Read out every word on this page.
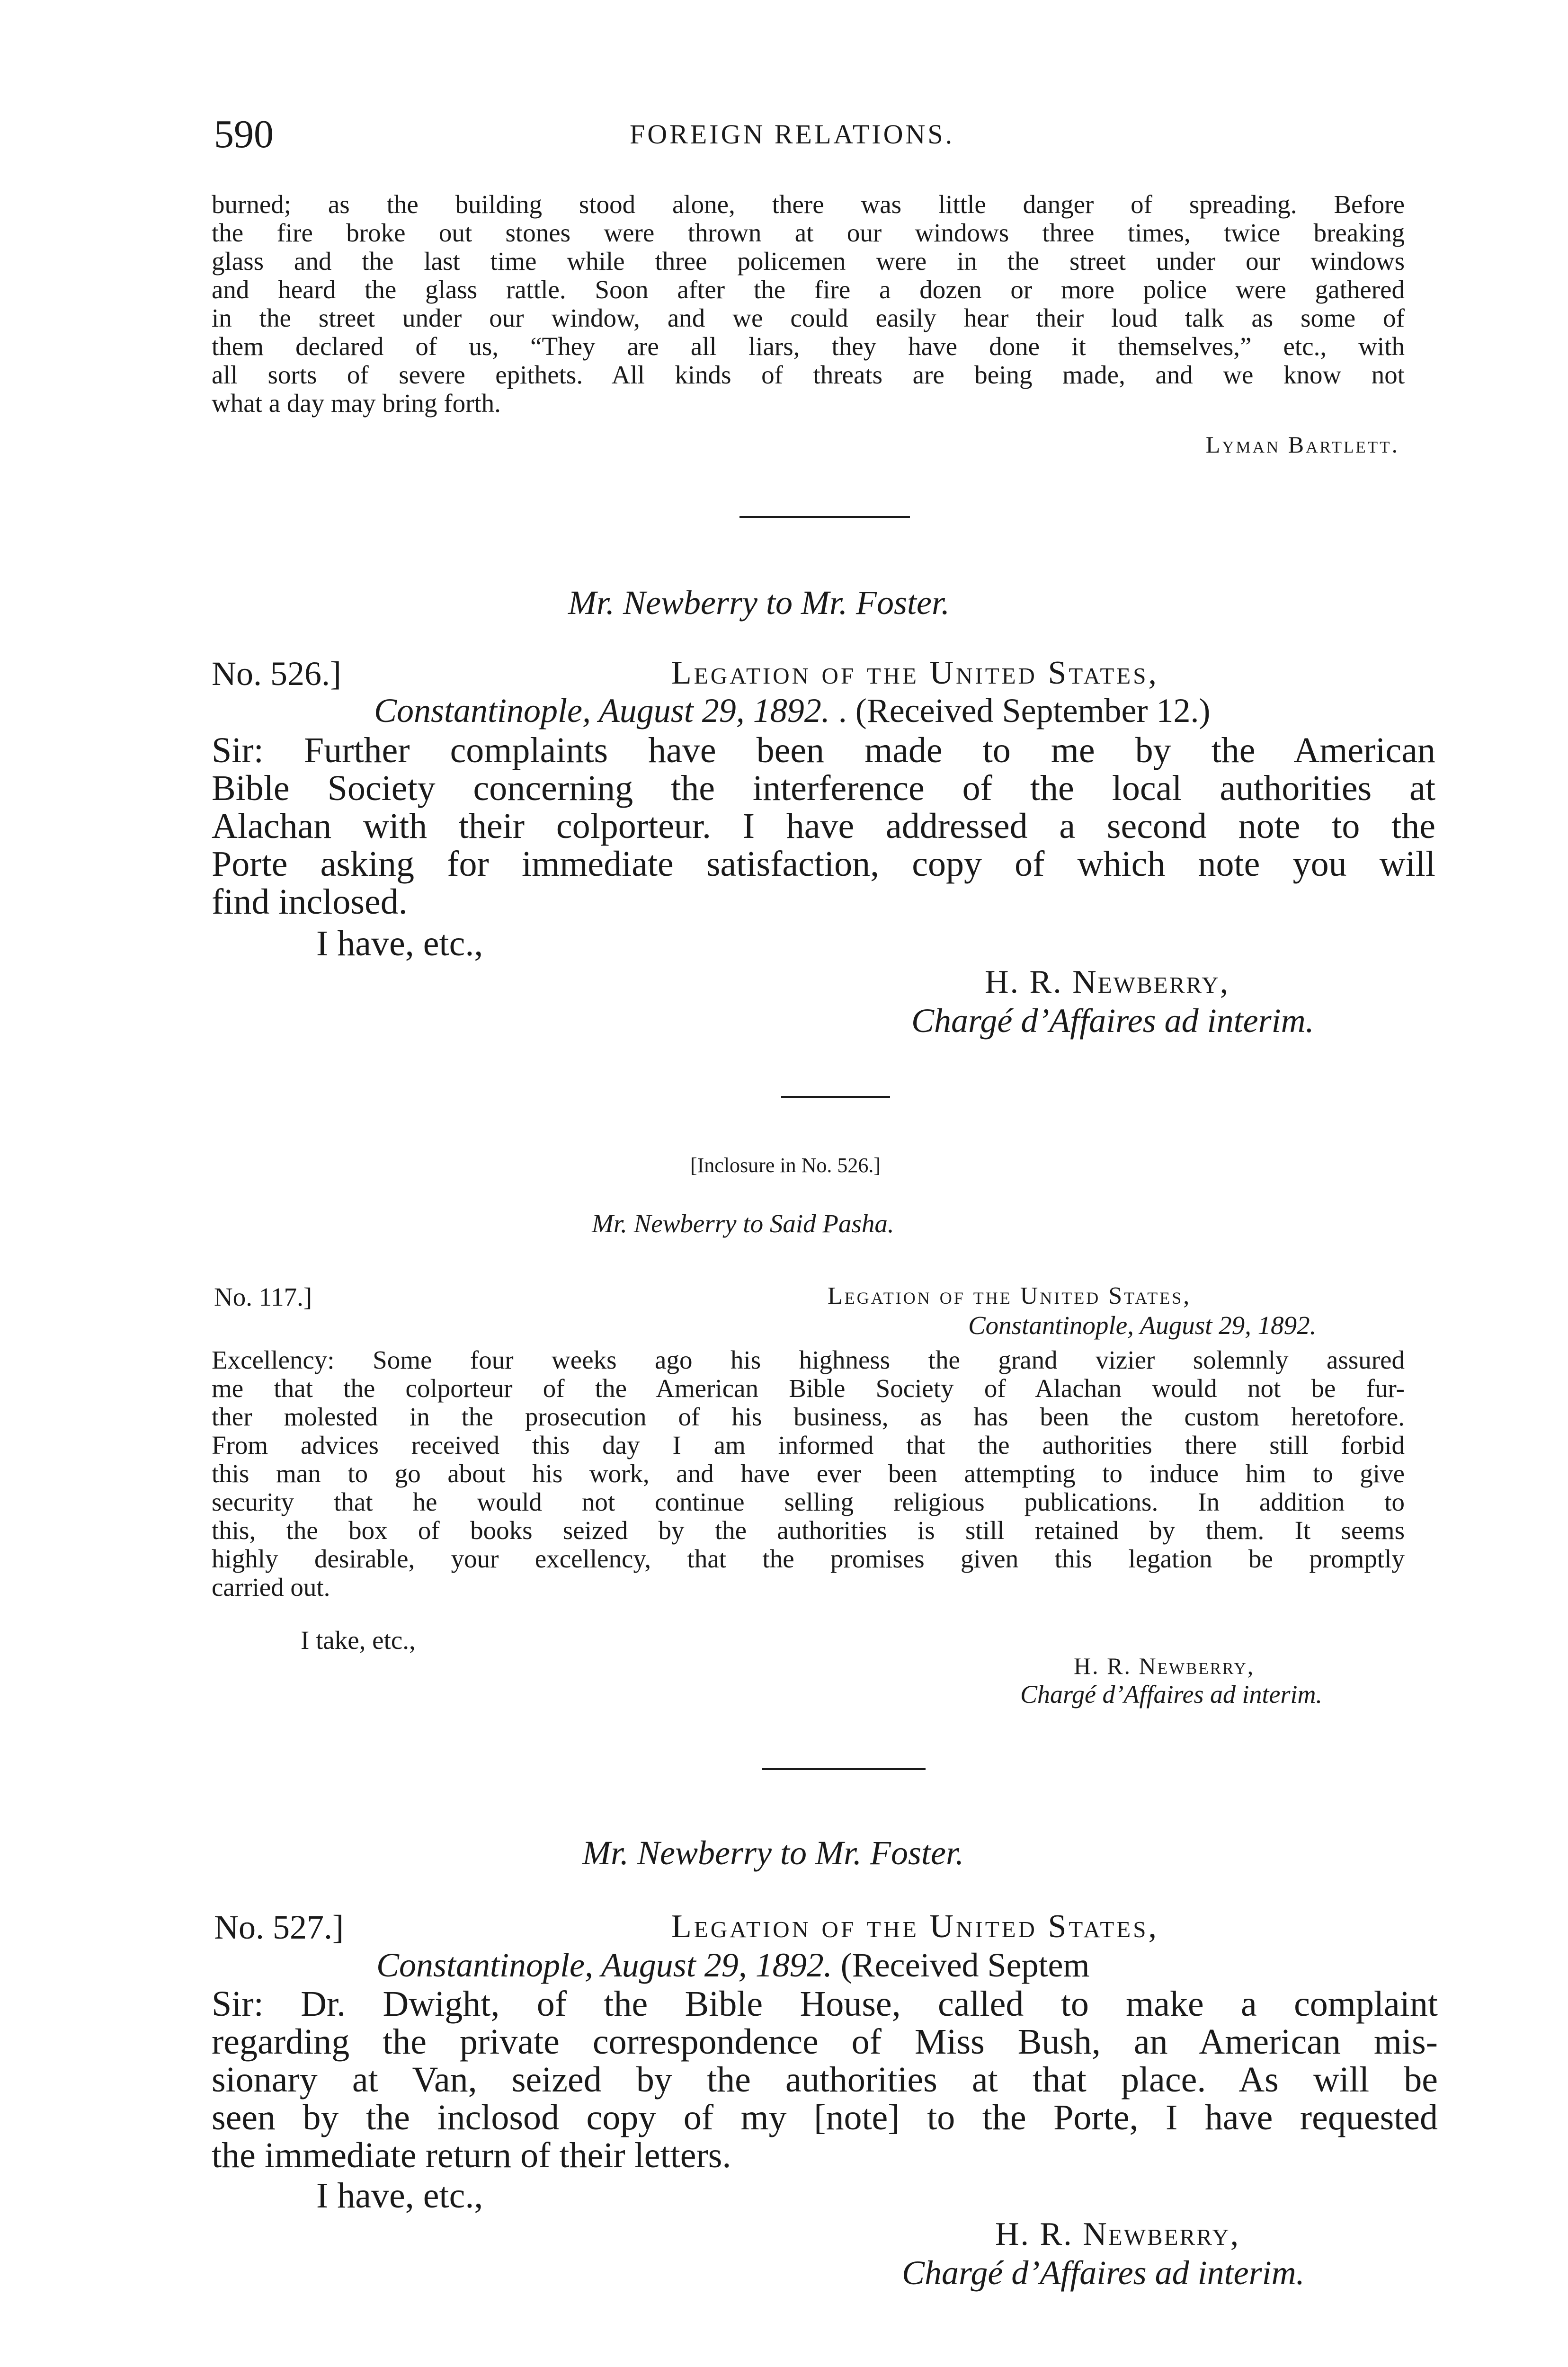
590	FOREIGN RELATIONS.
burned; as the building stood alone, there was little danger of spreading. Before
the fire broke out stones were thrown at our windows three times, twice breaking
glass and the last time while three policemen were in the street under our windows
and heard the glass rattle. Soon after the fire a dozen or more police were gathered
in the street under our window, and we could easily hear their loud talk as some of
them declared of us, “They are all liars, they have done it themselves,” etc., with
all sorts of severe epithets. All kinds of threats are being made, and we know not
what a day may bring forth.
Lyman Bartlett.
Mr. Newberry to Mr. Foster.
No. 526.]	Legation of the United States,
Constantinople, August 29, 1892. . (Received September 12.)
Sir: Further complaints have been made to me by the American
Bible Society concerning the interference of the local authorities at
Alachan with their colporteur. I have addressed a second note to the
Porte asking for immediate satisfaction, copy of which note you will
find inclosed.
I have, etc.,
H. R. Newberry,
Chargé d’Affaires ad interim.
[Inclosure in No. 526.]
Mr. Newberry to Said Pasha.
No. 117.]	Legation of the United States,
Constantinople, August 29, 1892.
Excellency: Some four weeks ago his highness the grand vizier solemnly assured
me that the colporteur of the American Bible Society of Alachan would not be fur-
ther molested in the prosecution of his business, as has been the custom heretofore.
From advices received this day I am informed that the authorities there still forbid
this man to go about his work, and have ever been attempting to induce him to give
security that he would not continue selling religious publications. In addition to
this, the box of books seized by the authorities is still retained by them. It seems
highly desirable, your excellency, that the promises given this legation be promptly
carried out.
I take, etc.,
H. R. Newberry,
Chargé d’Affaires ad interim.
Mr. Newberry to Mr. Foster.
No. 527.]	Legation of the United States,
Constantinople, August 29, 1892. (Received Septem
Sir: Dr. Dwight, of the Bible House, called to make a complaint
regarding the private correspondence of Miss Bush, an American mis-
sionary at Van, seized by the authorities at that place. As will be
seen by the inclosod copy of my [note] to the Porte, I have requested
the immediate return of their letters.
I have, etc.,
H. R. Newberry,
Chargé d’Affaires ad interim.
